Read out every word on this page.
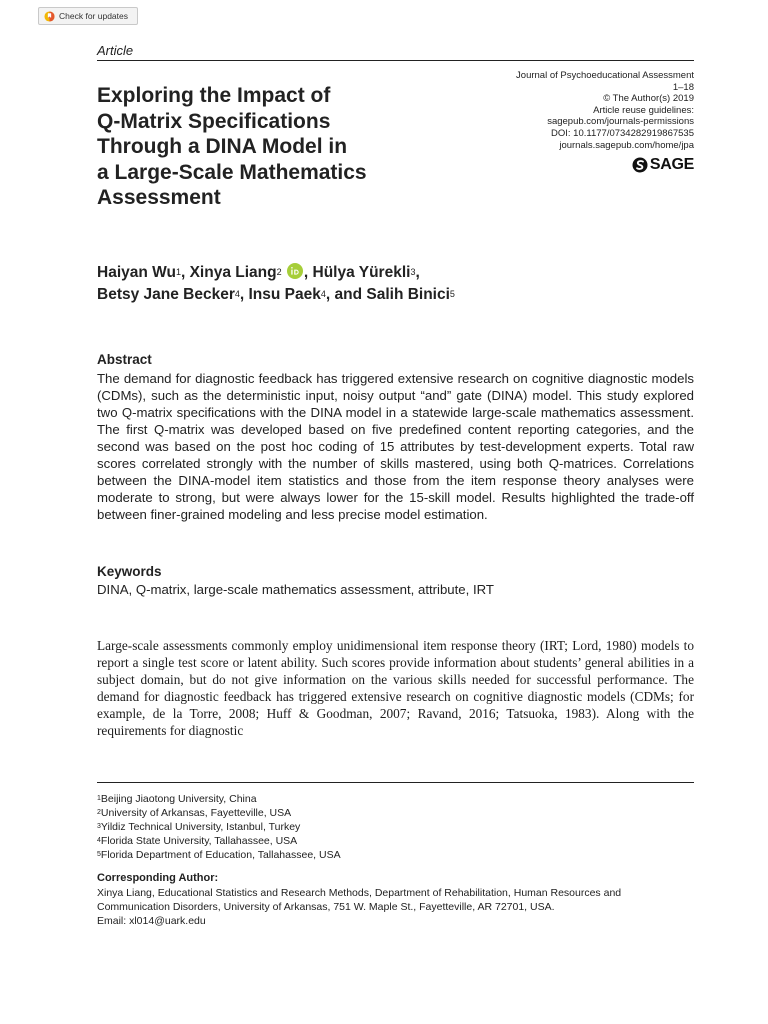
Check for updates
Article
Exploring the Impact of
Q-Matrix Specifications
Through a DINA Model in
a Large-Scale Mathematics
Assessment
Journal of Psychoeducational Assessment
1–18
© The Author(s) 2019
Article reuse guidelines:
sagepub.com/journals-permissions
DOI: 10.1177/0734282919867535
journals.sagepub.com/home/jpa
SAGE
Haiyan Wu$^1$, Xinya Liang$^2$ , Hülya Yürekli$^3$,
Betsy Jane Becker$^4$, Insu Paek$^4$, and Salih Binici$^5$
Abstract

The demand for diagnostic feedback has triggered extensive research on cognitive diagnostic models (CDMs), such as the deterministic input, noisy output “and” gate (DINA) model. This study explored two Q-matrix specifications with the DINA model in a statewide large-scale mathematics assessment. The first Q-matrix was developed based on five predefined content reporting categories, and the second was based on the post hoc coding of 15 attributes by test-development experts. Total raw scores correlated strongly with the number of skills mastered, using both Q-matrices. Correlations between the DINA-model item statistics and those from the item response theory analyses were moderate to strong, but were always lower for the 15-skill model. Results highlighted the trade-off between finer-grained modeling and less precise model estimation.

Keywords

DINA, Q-matrix, large-scale mathematics assessment, attribute, IRT

Large-scale assessments commonly employ unidimensional item response theory (IRT; Lord, 1980) models to report a single test score or latent ability. Such scores provide information about students’ general abilities in a subject domain, but do not give information on the various skills needed for successful performance. The demand for diagnostic feedback has triggered extensive research on cognitive diagnostic models (CDMs; for example, de la Torre, 2008; Huff & Goodman, 2007; Ravand, 2016; Tatsuoka, 1983). Along with the requirements for diagnostic

$^1$Beijing Jiaotong University, China
$^2$University of Arkansas, Fayetteville, USA
$^3$Yildiz Technical University, Istanbul, Turkey
$^4$Florida State University, Tallahassee, USA
$^5$Florida Department of Education, Tallahassee, USA
Corresponding Author:
Xinya Liang, Educational Statistics and Research Methods, Department of Rehabilitation, Human Resources and
Communication Disorders, University of Arkansas, 751 W. Maple St., Fayetteville, AR 72701, USA.
Email: xl014@uark.edu
